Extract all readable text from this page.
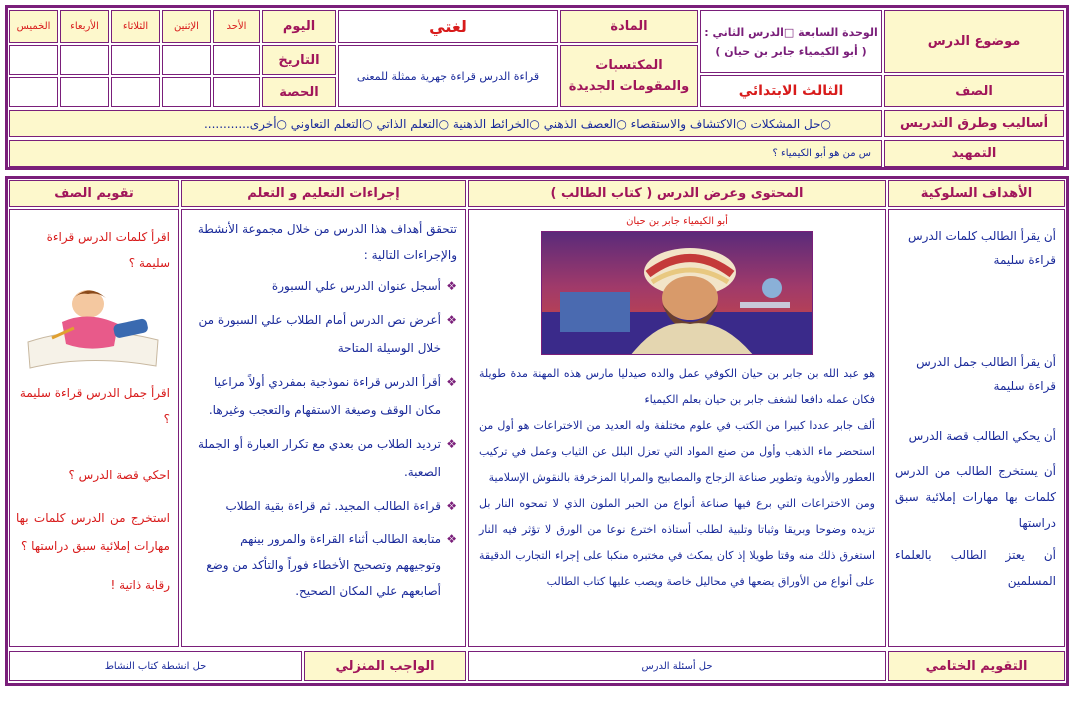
موضوع الدرس
الوحدة السابعة □الدرس الثاني :
( أبو الكيمياء جابر بن حيان )
المادة
لغتي
اليوم
الأحد
الإثنين
الثلاثاء
الأربعاء
الخميس
المكتسبات
والمقومات الجديدة
قراءة الدرس قراءة جهرية ممثلة للمعنى
التاريخ
الصف
الثالث الابتدائي
الحصة
أساليب وطرق التدريس
○حل المشكلات ○الاكتشاف والاستقصاء ○العصف الذهني ○الخرائط الذهنية ○التعلم الذاتي ○التعلم التعاوني ○أخرى............
التمهيد
س من هو أبو الكيمياء ؟
الأهداف السلوكية
المحتوى وعرض الدرس ( كتاب الطالب )
إجراءات التعليم و التعلم
تقويم الصف

أن يقرأ الطالب كلمات الدرس قراءة سليمة

أن يقرأ الطالب جمل الدرس قراءة سليمة

أن يحكي الطالب قصة الدرس

أن يستخرج الطالب من الدرس كلمات بها مهارات إملائية سبق دراستها

أن يعتز الطالب بالعلماء المسلمين

أبو الكيمياء جابر بن حيان

هو عبد الله بن جابر بن حيان الكوفي عمل والده صيدليا مارس هذه المهنة مدة طويلة فكان عمله دافعا لشغف جابر بن حيان بعلم الكيمياء

ألف جابر عددا كبيرا من الكتب في علوم مختلفة وله العديد من الاختراعات هو أول من استحضر ماء الذهب وأول من صنع المواد التي تعزل البلل عن الثياب وعمل في تركيب العطور والأدوية وتطوير صناعة الزجاج والمصابيح والمرايا المزخرفة بالنقوش الإسلامية

ومن الاختراعات التي برع فيها صناعة أنواع من الحبر الملون الذي لا تمحوه النار بل تزيده وضوحا وبريقا وثباتا وتلبية لطلب أستاذه اخترع نوعا من الورق لا تؤثر فيه النار استغرق ذلك منه وقتا طويلا إذ كان يمكث في مختبره منكبا على إجراء التجارب الدقيقة على أنواع من الأوراق يضعها في محاليل خاصة ويصب عليها كتاب الطالب

تتحقق أهداف هذا الدرس من خلال مجموعة الأنشطة والإجراءات التالية :

❖ أسجل عنوان الدرس علي السبورة
❖ أعرض نص الدرس أمام الطلاب علي السبورة من خلال الوسيلة المتاحة
❖ أقرأ الدرس قراءة نموذجية بمفردي أولاً مراعيا مكان الوقف وصيغة الاستفهام والتعجب وغيرها.
❖ ترديد الطلاب من بعدي مع تكرار العبارة أو الجملة الصعبة.
❖ قراءة الطالب المجيد. ثم قراءة بقية الطلاب
❖ متابعة الطالب أثناء القراءة والمرور بينهم وتوجيههم وتصحيح الأخطاء فوراً والتأكد من وضع أصابعهم علي المكان الصحيح.

اقرأ كلمات الدرس قراءة سليمة ؟

اقرأ جمل الدرس قراءة سليمة ؟

احكي قصة الدرس ؟

استخرج من الدرس كلمات بها مهارات إملائية سبق دراستها ؟

رقابة ذاتية !

التقويم الختامي
حل أسئلة الدرس
الواجب المنزلي
حل انشطة كتاب النشاط
